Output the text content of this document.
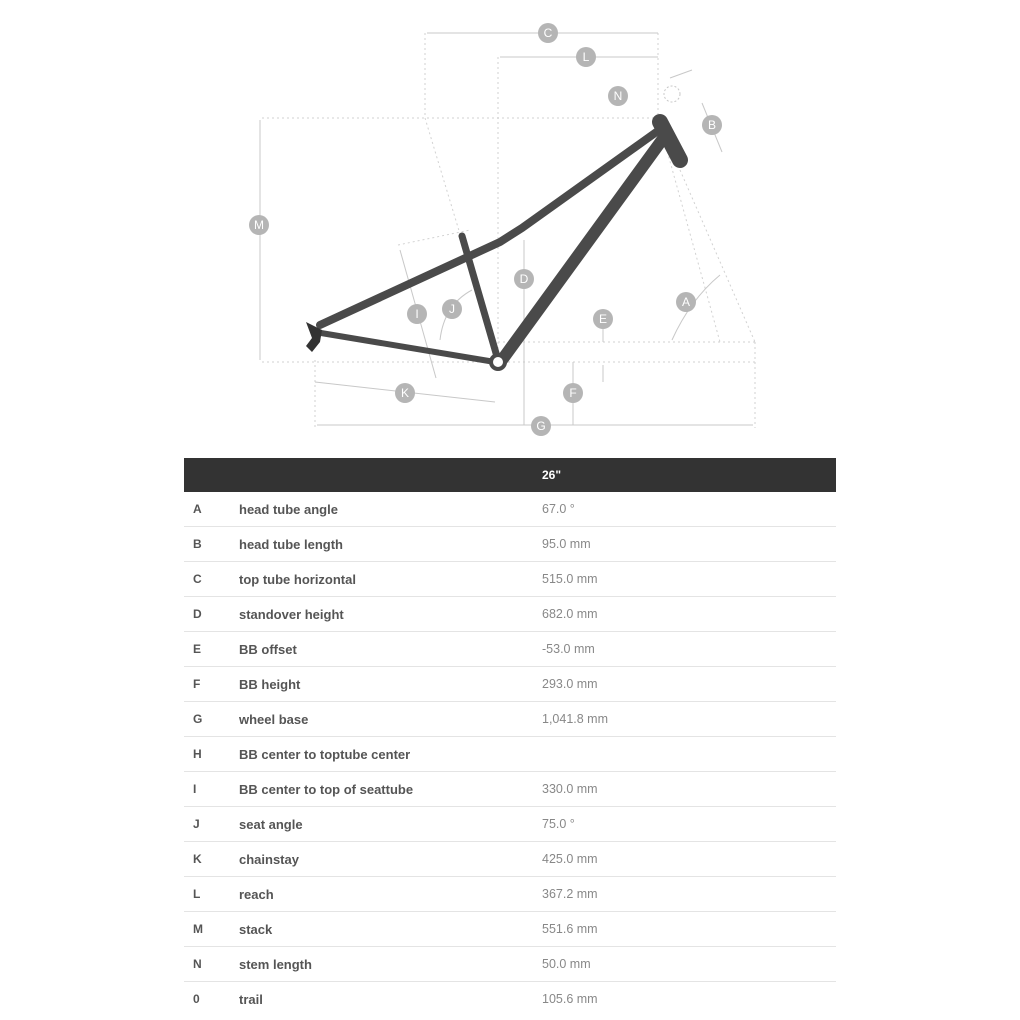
C
L
N
B
M
D
A
J
I	E
F
K
G
		26"
A	head tube angle	67.0 °
B	head tube length	95.0 mm
C	top tube horizontal	515.0 mm
D	standover height	682.0 mm
E	BB offset	-53.0 mm
F	BB height	293.0 mm
G	wheel base	1,041.8 mm
H	BB center to toptube center	
I	BB center to top of seattube	330.0 mm
J	seat angle	75.0 °
K	chainstay	425.0 mm
L	reach	367.2 mm
M	stack	551.6 mm
N	stem length	50.0 mm
0	trail	105.6 mm
